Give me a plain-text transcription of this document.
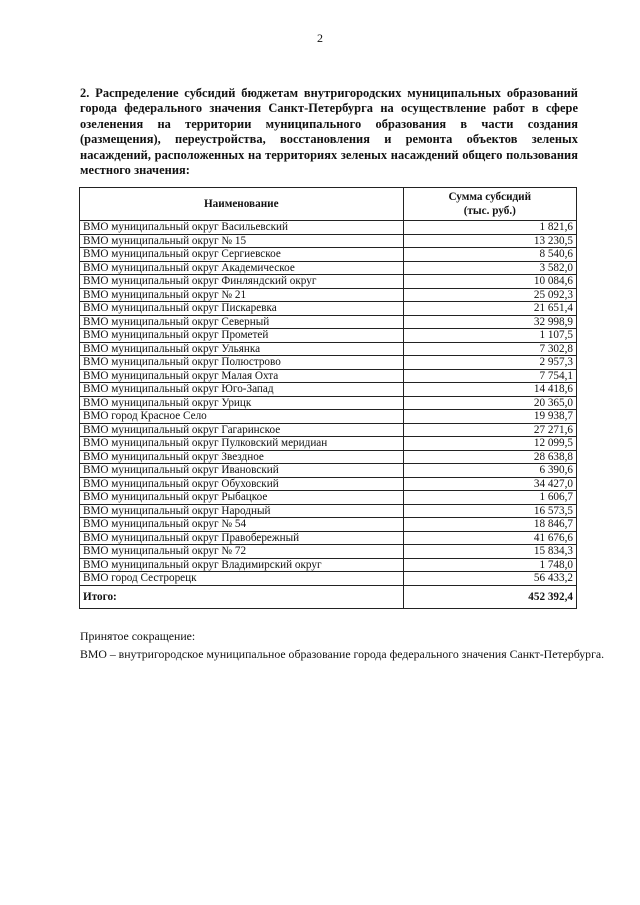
2
2. Распределение субсидий бюджетам внутригородских муниципальных образований города федерального значения Санкт-Петербурга на осуществление работ в сфере озеленения на территории муниципального образования в части создания (размещения), переустройства, восстановления и ремонта объектов зеленых насаждений, расположенных на территориях зеленых насаждений общего пользования местного значения:
Наименование	Сумма субсидий
(тыс. руб.)

ВМО муниципальный округ Васильевский	1 821,6
ВМО муниципальный округ № 15	13 230,5
ВМО муниципальный округ Сергиевское	8 540,6
ВМО муниципальный округ Академическое	3 582,0
ВМО муниципальный округ Финляндский округ	10 084,6
ВМО муниципальный округ № 21	25 092,3
ВМО муниципальный округ Пискаревка	21 651,4
ВМО муниципальный округ Северный	32 998,9
ВМО муниципальный округ Прометей	1 107,5
ВМО муниципальный округ Ульянка	7 302,8
ВМО муниципальный округ Полюстрово	2 957,3
ВМО муниципальный округ Малая Охта	7 754,1
ВМО муниципальный округ Юго-Запад	14 418,6
ВМО муниципальный округ Урицк	20 365,0
ВМО город Красное Село	19 938,7
ВМО муниципальный округ Гагаринское	27 271,6
ВМО муниципальный округ Пулковский меридиан	12 099,5
ВМО муниципальный округ Звездное	28 638,8
ВМО муниципальный округ Ивановский	6 390,6
ВМО муниципальный округ Обуховский	34 427,0
ВМО муниципальный округ Рыбацкое	1 606,7
ВМО муниципальный округ Народный	16 573,5
ВМО муниципальный округ № 54	18 846,7
ВМО муниципальный округ Правобережный	41 676,6
ВМО муниципальный округ № 72	15 834,3
ВМО муниципальный округ Владимирский округ	1 748,0
ВМО город Сестрорецк	56 433,2
Итого:	452 392,4
Принятое сокращение:
ВМО – внутригородское муниципальное образование города федерального значения Санкт-Петербурга.
